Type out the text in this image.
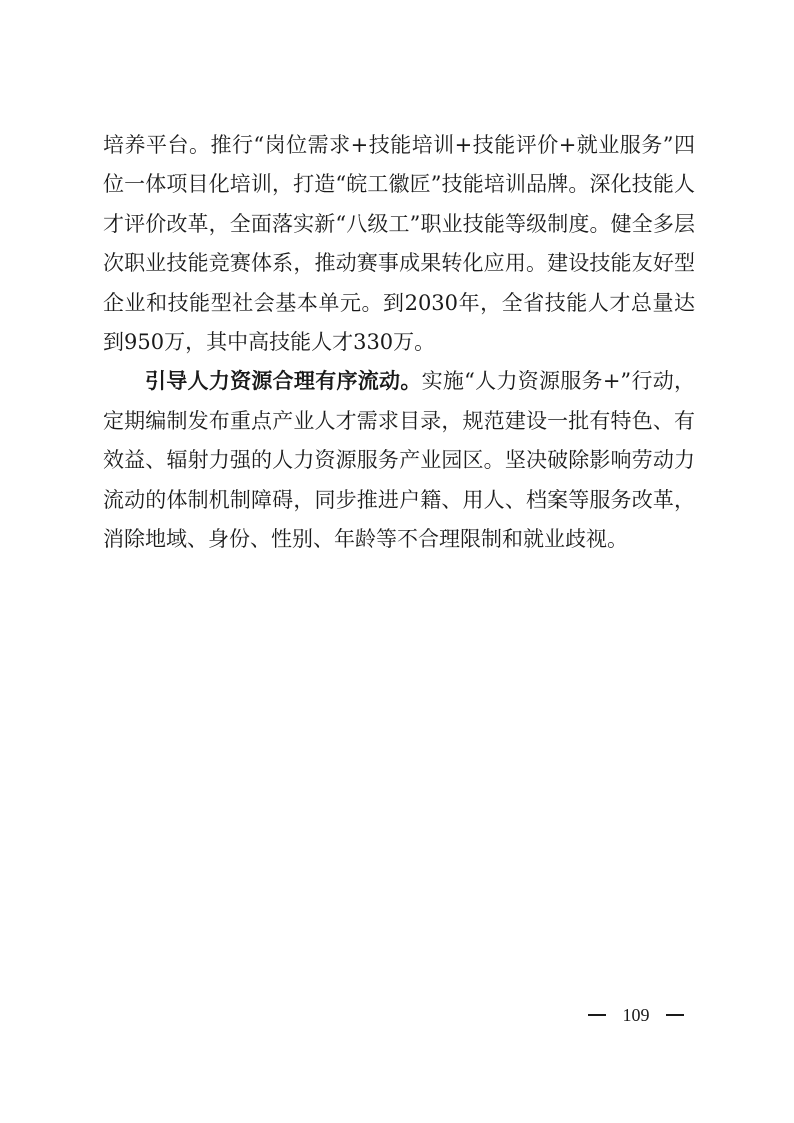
培养平台。推行“岗位需求+技能培训+技能评价+就业服务”四位一体项目化培训，打造“皖工徽匠”技能培训品牌。深化技能人才评价改革，全面落实新“八级工”职业技能等级制度。健全多层次职业技能竞赛体系，推动赛事成果转化应用。建设技能友好型企业和技能型社会基本单元。到2030年，全省技能人才总量达到950万，其中高技能人才330万。

引导人力资源合理有序流动。实施“人力资源服务+”行动，定期编制发布重点产业人才需求目录，规范建设一批有特色、有效益、辐射力强的人力资源服务产业园区。坚决破除影响劳动力流动的体制机制障碍，同步推进户籍、用人、档案等服务改革，消除地域、身份、性别、年龄等不合理限制和就业歧视。

109
